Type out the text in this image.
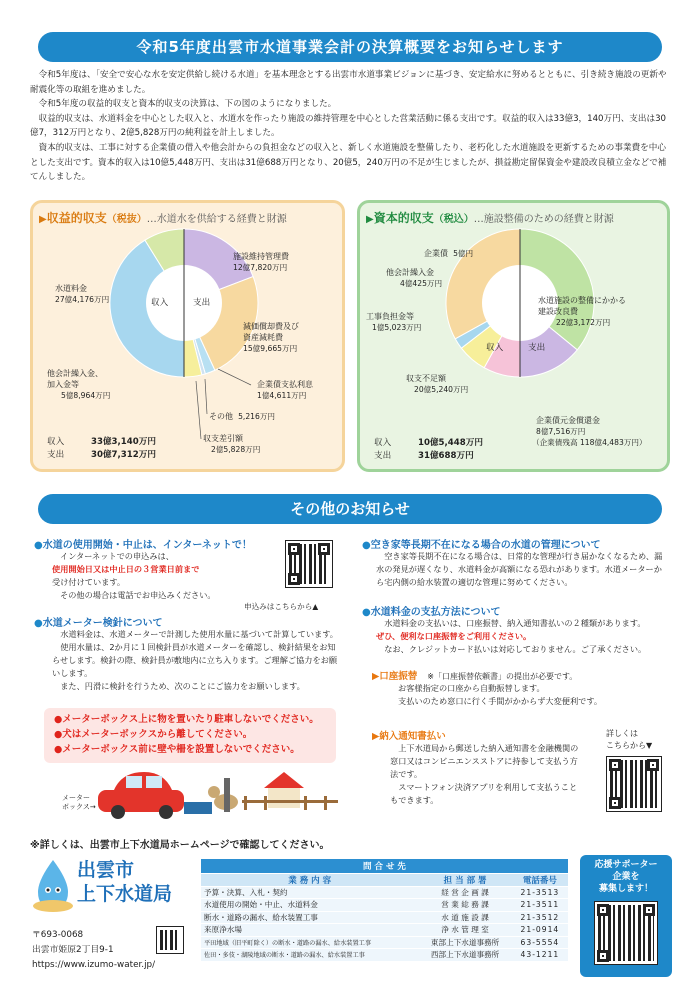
令和5年度出雲市水道事業会計の決算概要をお知らせします

令和5年度は、「安全で安心な水を安定供給し続ける水道」を基本理念とする出雲市水道事業ビジョンに基づき、安定給水に努めるとともに、引き続き施設の更新や耐震化等の取組を進めました。

令和5年度の収益的収支と資本的収支の決算は、下の図のようになりました。

収益的収支は、水道料金を中心とした収入と、水道水を作ったり施設の維持管理を中心とした営業活動に係る支出です。収益的収入は33億3，140万円、支出は30億7，312万円となり、2億5,828万円の純利益を計上しました。

資本的収支は、工事に対する企業債の借入や他会計からの負担金などの収入と、新しく水道施設を整備したり、老朽化した水道施設を更新するための事業費を中心とした支出です。資本的収入は10億5,448万円、支出は31億688万円となり、20億5，240万円の不足が生じましたが、損益勘定留保資金や建設改良積立金などで補てんしました。

▶収益的収支（税抜）…水道水を供給する経費と財源
収入	支出
水道料金
27億4,176万円
他会計繰入金、
加入金等
5億8,964万円
施設維持管理費
12億7,820万円
減価償却費及び
資産減耗費
15億9,665万円
企業債支払利息
1億4,611万円
その他 5,216万円
収支差引額
2億5,828万円
収入	33億3,140万円
支出	30億7,312万円
▶資本的収支（税込）…施設整備のための経費と財源
収入	支出
企業債 5億円
他会計繰入金
4億425万円
工事負担金等
1億5,023万円
収支不足額
20億5,240万円
水道施設の整備にかかる
建設改良費
22億3,172万円
企業債元金償還金
8億7,516万円
（企業債残高 118億4,483万円）
収入	10億5,448万円
支出	31億688万円
その他のお知らせ
●水道の使用開始・中止は、インターネットで！
インターネットでの申込みは、
使用開始日又は中止日の３営業日前まで
受け付けています。
その他の場合は電話でお申込みください。
申込みはこちらから▲
●水道メーター検針について
水道料金は、水道メーターで計測した使用水量に基づいて計算しています。
使用水量は、2か月に１回検針員が水道メーターを確認し、検針結果をお知らせします。検針の際、検針員が敷地内に立ち入ります。ご理解ご協力をお願いします。
また、円滑に検針を行うため、次のことにご協力をお願いします。
●メーターボックス上に物を置いたり駐車しないでください。
●犬はメーターボックスから離してください。
●メーターボックス前に壁や柵を設置しないでください。
メーター
ボックス→
●空き家等長期不在になる場合の水道の管理について
空き家等長期不在になる場合は、日常的な管理が行き届かなくなるため、漏水の発見が遅くなり、水道料金が高額になる恐れがあります。水道メーターから宅内側の給水装置の適切な管理に努めてください。
●水道料金の支払方法について
水道料金の支払いは、口座振替、納入通知書払いの２種類があります。
ぜひ、便利な口座振替をご利用ください。
なお、クレジットカード払いは対応しておりません。ご了承ください。
▶口座振替 ※「口座振替依頼書」の提出が必要です。
お客様指定の口座から自動振替します。
支払いのため窓口に行く手間がかからず大変便利です。
▶納入通知書払い
上下水道局から郵送した納入通知書を金融機関の窓口又はコンビニエンスストアに持参して支払う方法です。
スマートフォン決済アプリを利用して支払うこともできます。
詳しくは
こちらから▼
※詳しくは、出雲市上下水道局ホームページで確認してください。
出雲市
上下水道局
〒693-0068
出雲市姫原2丁目9-1
https://www.izumo-water.jp/
問 合 せ 先		
業 務 内 容	担 当 部 署	電話番号
予算・決算、入札・契約	経 営 企 画 課	21-3513
水道使用の開始・中止、水道料金	営 業 総 務 課	21-3511
断水・道路の漏水、給水装置工事	水 道 施 設 課	21-3512
来原浄水場	浄 水 管 理 室	21-0914
平田地域（旧平町除く）の断水・道路の漏水、給水装置工事	東部上下水道事務所	63-5554
佐田・多伎・湖陵地域の断水・道路の漏水、給水装置工事	西部上下水道事務所	43-1211
応援サポーター
企業を
募集します！
